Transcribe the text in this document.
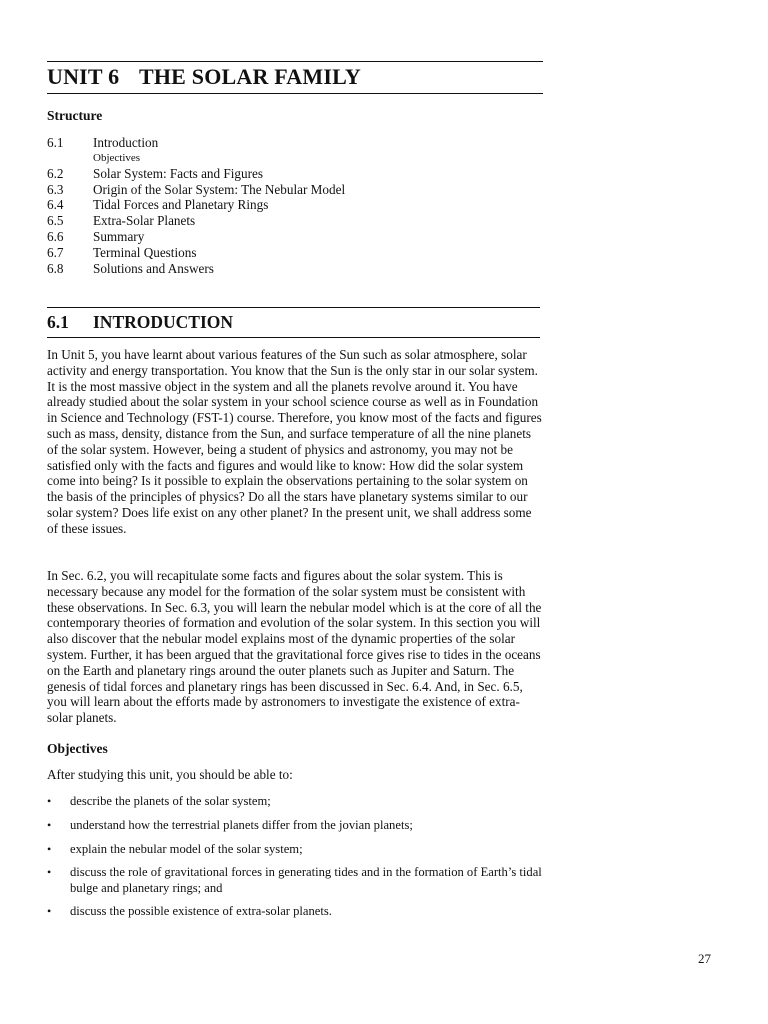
UNIT 6 THE SOLAR FAMILY
Structure
6.1 Introduction
Objectives
6.2 Solar System: Facts and Figures
6.3 Origin of the Solar System: The Nebular Model
6.4 Tidal Forces and Planetary Rings
6.5 Extra-Solar Planets
6.6 Summary
6.7 Terminal Questions
6.8 Solutions and Answers
6.1 INTRODUCTION

In Unit 5, you have learnt about various features of the Sun such as solar atmosphere, solar activity and energy transportation. You know that the Sun is the only star in our solar system. It is the most massive object in the system and all the planets revolve around it. You have already studied about the solar system in your school science course as well as in Foundation in Science and Technology (FST-1) course. Therefore, you know most of the facts and figures such as mass, density, distance from the Sun, and surface temperature of all the nine planets of the solar system. However, being a student of physics and astronomy, you may not be satisfied only with the facts and figures and would like to know: How did the solar system come into being? Is it possible to explain the observations pertaining to the solar system on the basis of the principles of physics? Do all the stars have planetary systems similar to our solar system? Does life exist on any other planet? In the present unit, we shall address some of these issues.

In Sec. 6.2, you will recapitulate some facts and figures about the solar system. This is necessary because any model for the formation of the solar system must be consistent with these observations. In Sec. 6.3, you will learn the nebular model which is at the core of all the contemporary theories of formation and evolution of the solar system. In this section you will also discover that the nebular model explains most of the dynamic properties of the solar system. Further, it has been argued that the gravitational force gives rise to tides in the oceans on the Earth and planetary rings around the outer planets such as Jupiter and Saturn. The genesis of tidal forces and planetary rings has been discussed in Sec. 6.4. And, in Sec. 6.5, you will learn about the efforts made by astronomers to investigate the existence of extra-solar planets.

Objectives

After studying this unit, you should be able to:

•	describe the planets of the solar system;
•	understand how the terrestrial planets differ from the jovian planets;
•	explain the nebular model of the solar system;
•	discuss the role of gravitational forces in generating tides and in the formation of Earth’s tidal bulge and planetary rings; and
•	discuss the possible existence of extra-solar planets.

27
